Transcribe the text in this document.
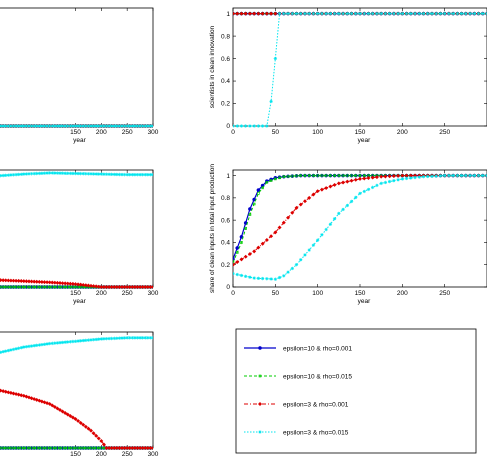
150 200 250 300
year
0	50	100	150	200	250
0
0.2
0.4
0.6
0.8
1
year
scientists in clean innovation
150 200 250 300
year
0	50	100	150	200	250
0
0.2
0.4
0.6
0.8
1
year
share of clean inputs in total input production
150 200 250 300
epsilon=10 & rho=0.001
epsilon=10 & rho=0.015
epsilon=3 & rho=0.001
epsilon=3 & rho=0.015
